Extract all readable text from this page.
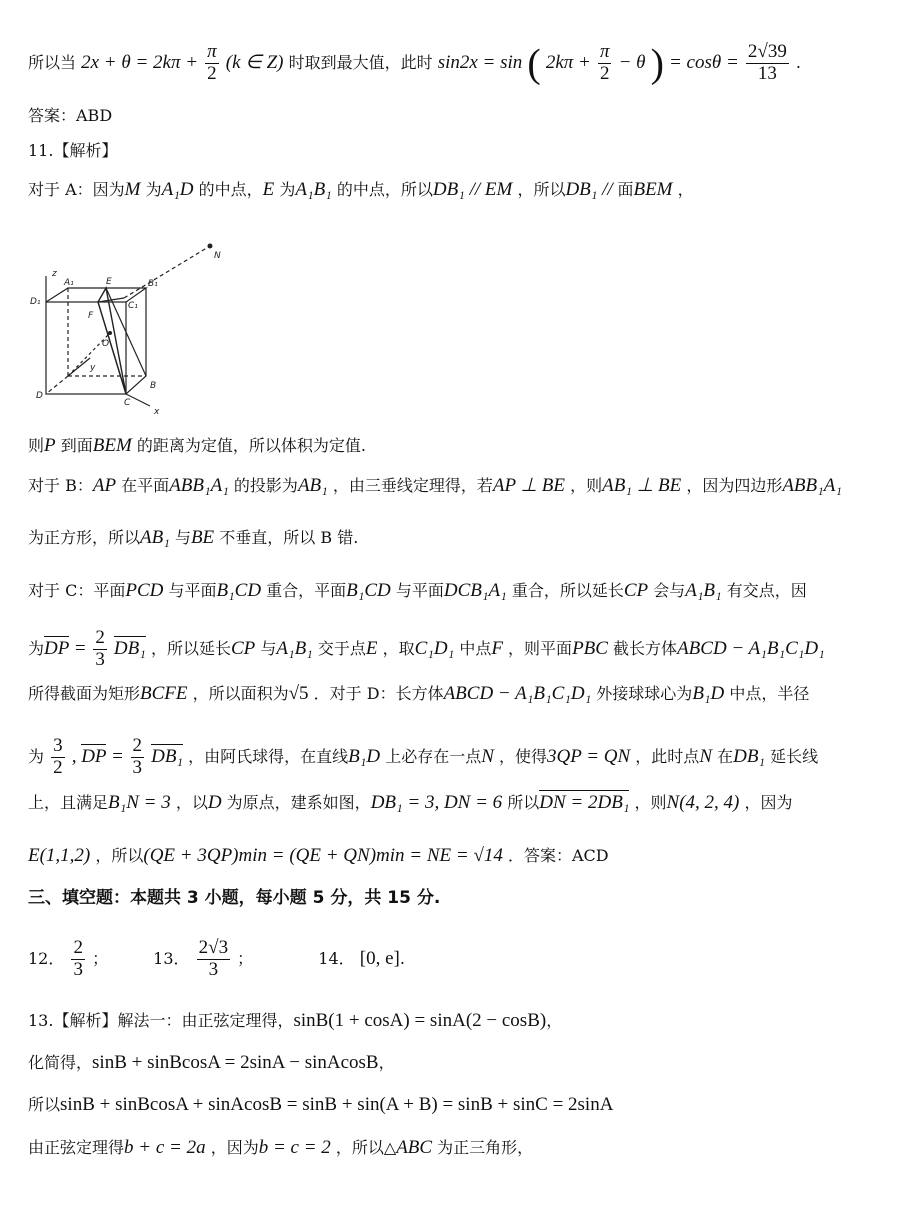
所以当 $2x + \theta = 2k\pi + \frac{\pi}{2} (k$ ∈ Z) 时取到最大值，此时 sin2x = sin ( $2k\pi + \frac{\pi}{2} - \theta$ ) = $\cos\theta = \frac{2√39}{13}$ .
答案：ABD
11.【解析】
对于 A：因为M 为A₁D 的中点，E 为A₁B₁ 的中点，所以DB₁ // EM ，所以DB₁ // 面BEM ，
z
A₁	E	B₁
D₁
F
C₁
O
y
D
C
B
x
N
则P 到面BEM 的距离为定值，所以体积为定值.
对于 B：AP 在平面ABB₁A₁ 的投影为AB₁ ，由三垂线定理得，若AP ⊥ BE ，则AB₁ ⊥ BE ，因为四边形ABB₁A₁
为正方形，所以AB₁ 与BE 不垂直，所以 B 错.
对于 C：平面PCD 与平面B₁CD 重合，平面B₁CD 与平面DCB₁A₁ 重合，所以延长CP 会与A₁B₁ 有交点，因
为DP = $\frac{2}{3} DB_1$ ，所以延长CP 与A₁B₁ 交于点E ，取C₁D₁ 中点F ，则平面PBC 截长方体ABCD − A₁B₁C₁D₁
所得截面为矩形BCFE ，所以面积为√5 ．对于 D：长方体ABCD − A₁B₁C₁D₁ 外接球球心为B₁D 中点，半径
为 $\frac{3}{2}$ , DP = $\frac{2}{3} DB_1$ ，由阿氏球得，在直线B₁D 上必存在一点N ，使得3QP = QN ，此时点N 在DB₁ 延长线
上，且满足B₁N = 3 ，以D 为原点，建系如图，DB₁ = 3, DN = 6 所以DN = 2DB₁ ，则N(4, 2, 4) ，因为
E(1,1,2) ，所以(QE + 3QP)min = (QE + QN)min = NE = √14 ．答案：ACD
三、填空题：本题共 3 小题，每小题 5 分，共 15 分.
12． $\frac{2}{3}$ ；	13． $\frac{2√3}{3}$ ；	14． [0, e].
13.【解析】解法一：由正弦定理得，sinB(1 + cosA) = sinA(2 − cosB)，
化简得，sinB + sinBcosA = 2sinA − sinAcosB，
所以sinB + sinBcosA + sinAcosB = sinB + sin(A + B) = sinB + sinC = 2sinA
由正弦定理得b + c = 2a ，因为b = c = 2 ，所以△ABC 为正三角形，
